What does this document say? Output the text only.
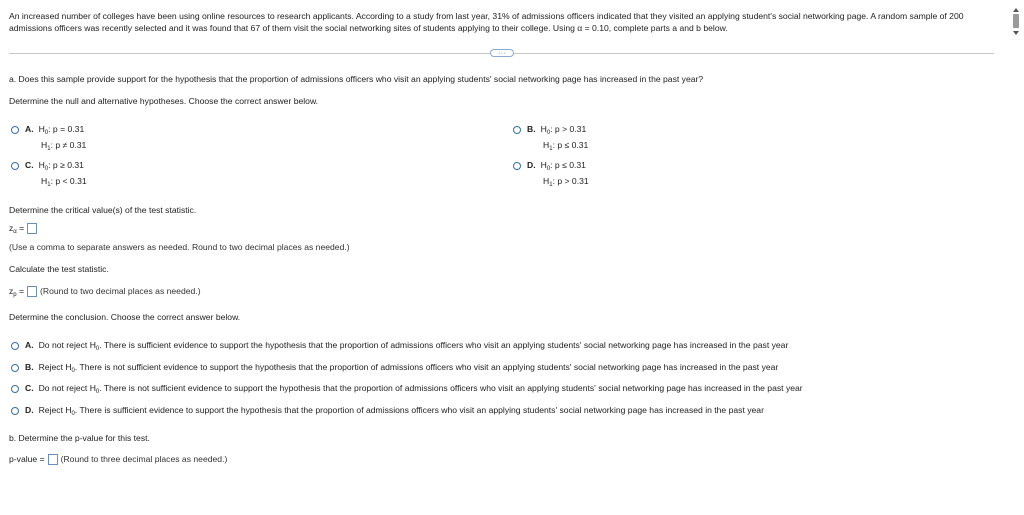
An increased number of colleges have been using online resources to research applicants. According to a study from last year, 31% of admissions officers indicated that they visited an applying student's social networking page. A random sample of 200 admissions officers was recently selected and it was found that 67 of them visit the social networking sites of students applying to their college. Using α = 0.10, complete parts a and b below.
···
a. Does this sample provide support for the hypothesis that the proportion of admissions officers who visit an applying students' social networking page has increased in the past year?
Determine the null and alternative hypotheses. Choose the correct answer below.
A. $H_0$: p = 0.31
$H_1$: p ≠ 0.31
B. $H_0$: p > 0.31
$H_1$: p ≤ 0.31
C. $H_0$: p ≥ 0.31
$H_1$: p < 0.31
D. $H_0$: p ≤ 0.31
$H_1$: p > 0.31
Determine the critical value(s) of the test statistic.
$z_\alpha$ =
(Use a comma to separate answers as needed. Round to two decimal places as needed.)
Calculate the test statistic.
$z_p$ = (Round to two decimal places as needed.)
Determine the conclusion. Choose the correct answer below.
A. Do not reject $H_0$. There is sufficient evidence to support the hypothesis that the proportion of admissions officers who visit an applying students' social networking page has increased in the past year
B. Reject $H_0$. There is not sufficient evidence to support the hypothesis that the proportion of admissions officers who visit an applying students' social networking page has increased in the past year
C. Do not reject $H_0$. There is not sufficient evidence to support the hypothesis that the proportion of admissions officers who visit an applying students' social networking page has increased in the past year
D. Reject $H_0$. There is sufficient evidence to support the hypothesis that the proportion of admissions officers who visit an applying students' social networking page has increased in the past year
b. Determine the p-value for this test.
p-value = (Round to three decimal places as needed.)
